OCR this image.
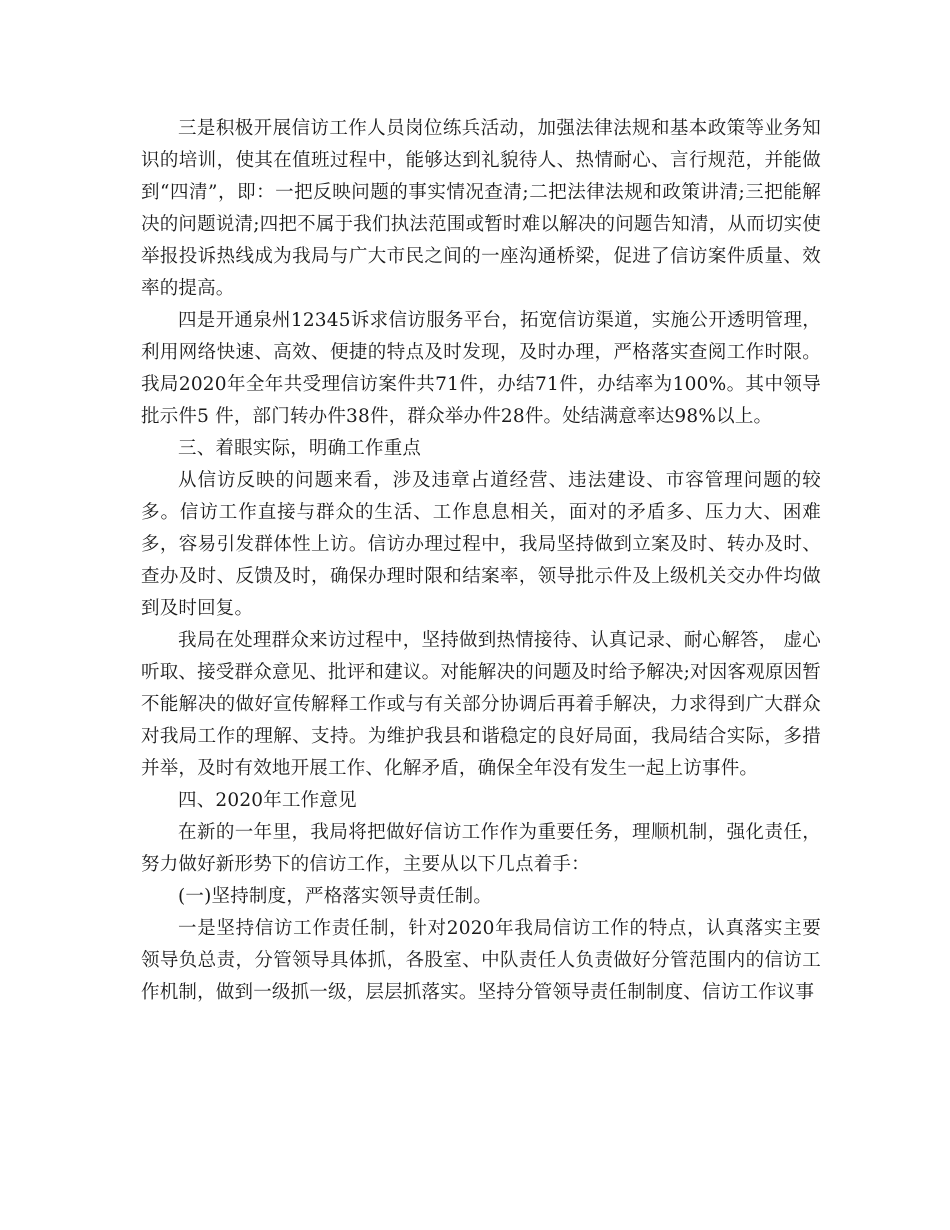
三是积极开展信访工作人员岗位练兵活动，加强法律法规和基本政策等业务知识的培训，使其在值班过程中，能够达到礼貌待人、热情耐心、言行规范，并能做到“四清”，即：一把反映问题的事实情况查清;二把法律法规和政策讲清;三把能解决的问题说清;四把不属于我们执法范围或暂时难以解决的问题告知清，从而切实使举报投诉热线成为我局与广大市民之间的一座沟通桥梁，促进了信访案件质量、效率的提高。

四是开通泉州12345诉求信访服务平台，拓宽信访渠道，实施公开透明管理，利用网络快速、高效、便捷的特点及时发现，及时办理，严格落实查阅工作时限。我局2020年全年共受理信访案件共71件，办结71件，办结率为100%。其中领导批示件5 件，部门转办件38件，群众举办件28件。处结满意率达98%以上。

三、着眼实际，明确工作重点

从信访反映的问题来看，涉及违章占道经营、违法建设、市容管理问题的较多。信访工作直接与群众的生活、工作息息相关，面对的矛盾多、压力大、困难多，容易引发群体性上访。信访办理过程中，我局坚持做到立案及时、转办及时、查办及时、反馈及时，确保办理时限和结案率，领导批示件及上级机关交办件均做到及时回复。

我局在处理群众来访过程中，坚持做到热情接待、认真记录、耐心解答， 虚心听取、接受群众意见、批评和建议。对能解决的问题及时给予解决;对因客观原因暂不能解决的做好宣传解释工作或与有关部分协调后再着手解决，力求得到广大群众对我局工作的理解、支持。为维护我县和谐稳定的良好局面，我局结合实际，多措并举，及时有效地开展工作、化解矛盾，确保全年没有发生一起上访事件。

四、2020年工作意见

在新的一年里，我局将把做好信访工作作为重要任务，理顺机制，强化责任，努力做好新形势下的信访工作，主要从以下几点着手：

(一)坚持制度，严格落实领导责任制。

一是坚持信访工作责任制，针对2020年我局信访工作的特点，认真落实主要领导负总责，分管领导具体抓，各股室、中队责任人负责做好分管范围内的信访工作机制，做到一级抓一级，层层抓落实。坚持分管领导责任制制度、信访工作议事
